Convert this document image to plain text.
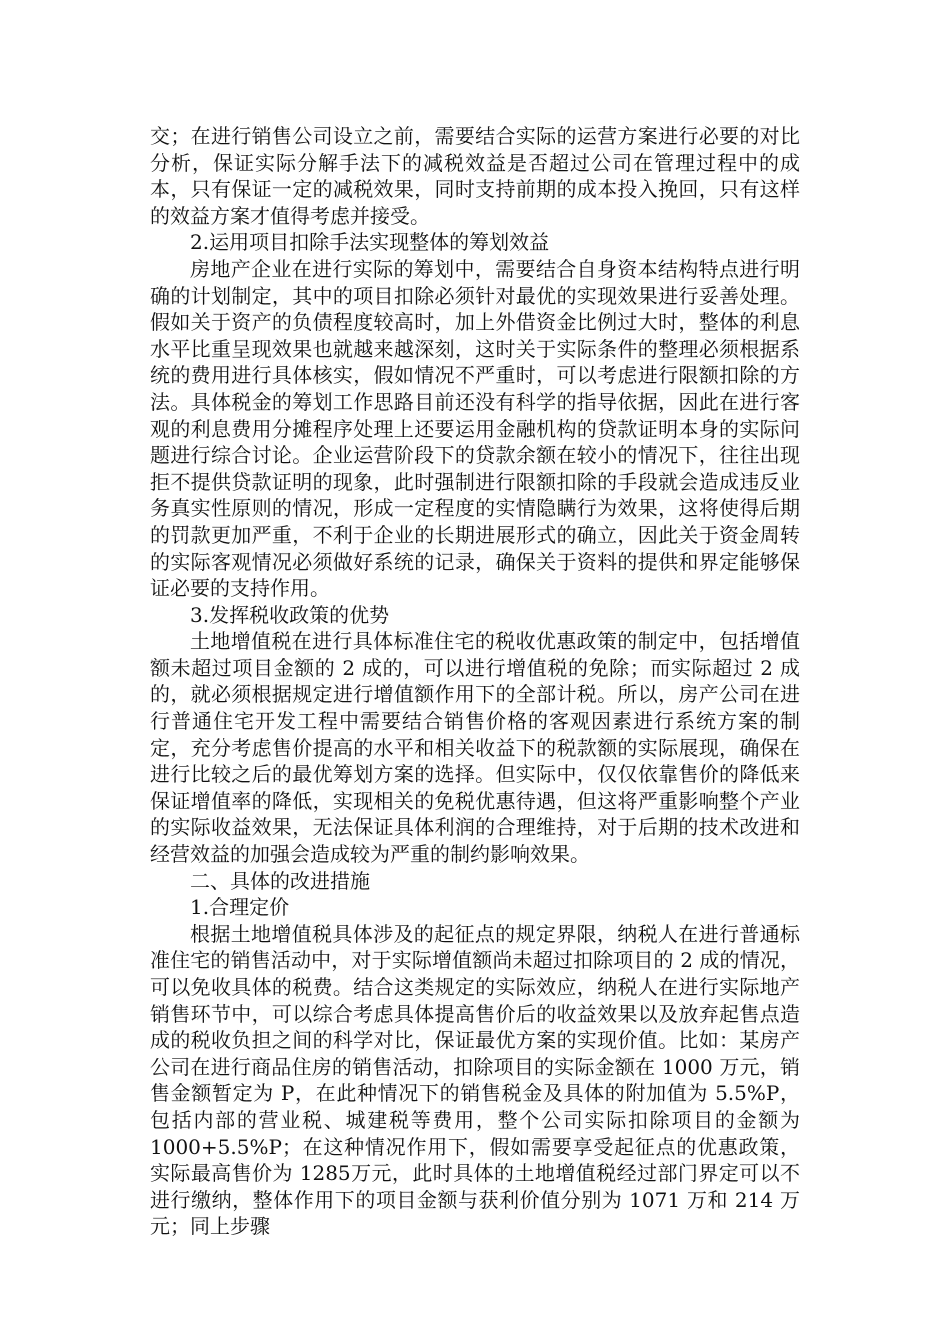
交；在进行销售公司设立之前，需要结合实际的运营方案进行必要的对比分析，保证实际分解手法下的减税效益是否超过公司在管理过程中的成本，只有保证一定的减税效果，同时支持前期的成本投入挽回，只有这样的效益方案才值得考虑并接受。

2.运用项目扣除手法实现整体的筹划效益

房地产企业在进行实际的筹划中，需要结合自身资本结构特点进行明确的计划制定，其中的项目扣除必须针对最优的实现效果进行妥善处理。假如关于资产的负债程度较高时，加上外借资金比例过大时，整体的利息水平比重呈现效果也就越来越深刻，这时关于实际条件的整理必须根据系统的费用进行具体核实，假如情况不严重时，可以考虑进行限额扣除的方法。具体税金的筹划工作思路目前还没有科学的指导依据，因此在进行客观的利息费用分摊程序处理上还要运用金融机构的贷款证明本身的实际问题进行综合讨论。企业运营阶段下的贷款余额在较小的情况下，往往出现拒不提供贷款证明的现象，此时强制进行限额扣除的手段就会造成违反业务真实性原则的情况，形成一定程度的实情隐瞒行为效果，这将使得后期的罚款更加严重，不利于企业的长期进展形式的确立，因此关于资金周转的实际客观情况必须做好系统的记录，确保关于资料的提供和界定能够保证必要的支持作用。

3.发挥税收政策的优势

土地增值税在进行具体标准住宅的税收优惠政策的制定中，包括增值额未超过项目金额的 2 成的，可以进行增值税的免除；而实际超过 2 成的，就必须根据规定进行增值额作用下的全部计税。所以，房产公司在进行普通住宅开发工程中需要结合销售价格的客观因素进行系统方案的制定，充分考虑售价提高的水平和相关收益下的税款额的实际展现，确保在进行比较之后的最优筹划方案的选择。但实际中，仅仅依靠售价的降低来保证增值率的降低，实现相关的免税优惠待遇，但这将严重影响整个产业的实际收益效果，无法保证具体利润的合理维持，对于后期的技术改进和经营效益的加强会造成较为严重的制约影响效果。

二、具体的改进措施

1.合理定价

根据土地增值税具体涉及的起征点的规定界限，纳税人在进行普通标准住宅的销售活动中，对于实际增值额尚未超过扣除项目的 2 成的情况，可以免收具体的税费。结合这类规定的实际效应，纳税人在进行实际地产销售环节中，可以综合考虑具体提高售价后的收益效果以及放弃起售点造成的税收负担之间的科学对比，保证最优方案的实现价值。比如：某房产公司在进行商品住房的销售活动，扣除项目的实际金额在 1000 万元，销售金额暂定为 P，在此种情况下的销售税金及具体的附加值为 5.5%P，包括内部的营业税、城建税等费用，整个公司实际扣除项目的金额为 1000+5.5%P；在这种情况作用下，假如需要享受起征点的优惠政策，实际最高售价为 1285万元，此时具体的土地增值税经过部门界定可以不进行缴纳，整体作用下的项目金额与获利价值分别为 1071 万和 214 万元；同上步骤
